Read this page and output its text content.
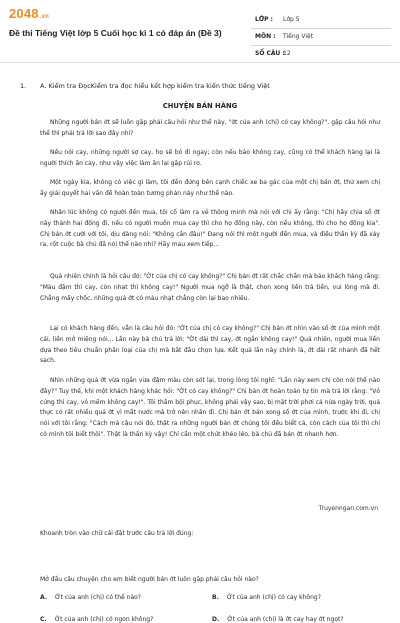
2048.vn
Đề thi Tiếng Việt lớp 5 Cuối học kì 1 có đáp án (Đề 3)
LỚP : Lớp 5
MÔN : Tiếng Việt
SỐ CÂU :
12
1. A. Kiểm tra ĐọcKiểm tra đọc hiểu kết hợp kiểm tra kiến thức tiếng Việt
CHUYỆN BÁN HÀNG

Những người bán ớt sẽ luôn gặp phải câu hỏi như thế này, "ớt của anh (chị) có cay không?", gặp câu hỏi như thế thì phải trả lời sao đây nhỉ?

Nếu nói cay, những người sợ cay, họ sẽ bỏ đi ngay; còn nếu bảo không cay, cũng có thể khách hàng lại là người thích ăn cay, như vậy việc làm ăn lại gặp rủi ro.

Một ngày kia, không có việc gì làm, tôi đến đứng bên cạnh chiếc xe ba gác của một chị bán ớt, thử xem chị ấy giải quyết hai vấn đề hoàn toàn tương phản này như thế nào.

Nhân lúc không có người đến mua, tôi cố làm ra vẻ thông minh mà nói với chị ấy rằng: "Chị hãy chia số ớt này thành hai đống đi, nếu có người muốn mua cay thì cho họ đống này, còn nếu không, thì cho họ đống kia". Chị bán ớt cười với tôi, dịu dàng nói: "Không cần đâu!" Đang nói thì một người đến mua, và điều thần kỳ đã xảy ra, rốt cuộc bà chủ đã nói thế nào nhỉ? Hãy mau xem tiếp...

Quả nhiên chính là hỏi câu đó: "Ớt của chị có cay không?" Chị bán ớt rất chắc chắn mà bảo khách hàng rằng: "Màu đậm thì cay, còn nhạt thì không cay!" Người mua ngỡ là thật, chọn xong liền trả tiền, vui lòng mà đi. Chẳng mấy chốc, những quả ớt có màu nhạt chẳng còn lại bao nhiêu.

Lại có khách hàng đến, vẫn là câu hỏi đó: "Ớt của chị có cay không?" Chị bán ớt nhìn vào số ớt của mình một cái, liền mở miệng nói... Lần này bà chủ trả lời: "Ớt dài thì cay, ớt ngắn không cay!" Quả nhiên, người mua liền dựa theo tiêu chuẩn phân loại của chị mà bắt đầu chọn lựa. Kết quả lần này chính là, ớt dài rất nhanh đã hết sạch.

Nhìn những quả ớt vừa ngắn vừa đậm màu còn sót lại, trong lòng tôi nghĩ: "Lần này xem chị còn nói thế nào đây?" Tuy thế, khi một khách hàng khác hỏi: "Ớt có cay không?" Chị bán ớt hoàn toàn tự tin mà trả lời rằng: "Vỏ cứng thì cay, vỏ mềm không cay!". Tôi thầm bội phục, không phải vậy sao, bị mặt trời phơi cả nửa ngày trời, quả thực có rất nhiều quả ớt vì mất nước mà trở nên nhăn đi. Chị bán ớt bán xong số ớt của mình, trước khi đi, chị nói với tôi rằng: "Cách mà cậu nói đó, thật ra những người bán ớt chúng tôi đều biết cả, còn cách của tôi thì chỉ có mình tôi biết thôi". Thật là thần kỳ vậy! Chỉ cần một chút khéo léo, bà chủ đã bán ớt nhanh hơn.

Truyenngan.com.vn
Khoanh tròn vào chữ cái đặt trước câu trả lời đúng:
Mở đầu câu chuyện cho em biết người bán ớt luôn gặp phải câu hỏi nào?
A. Ớt của anh (chị) có thế nào?	B. Ớt của anh (chị) có cay không?
C. Ớt của anh (chị) có ngon không?	D. Ớt của anh (chị) là ớt cay hay ớt ngọt?
